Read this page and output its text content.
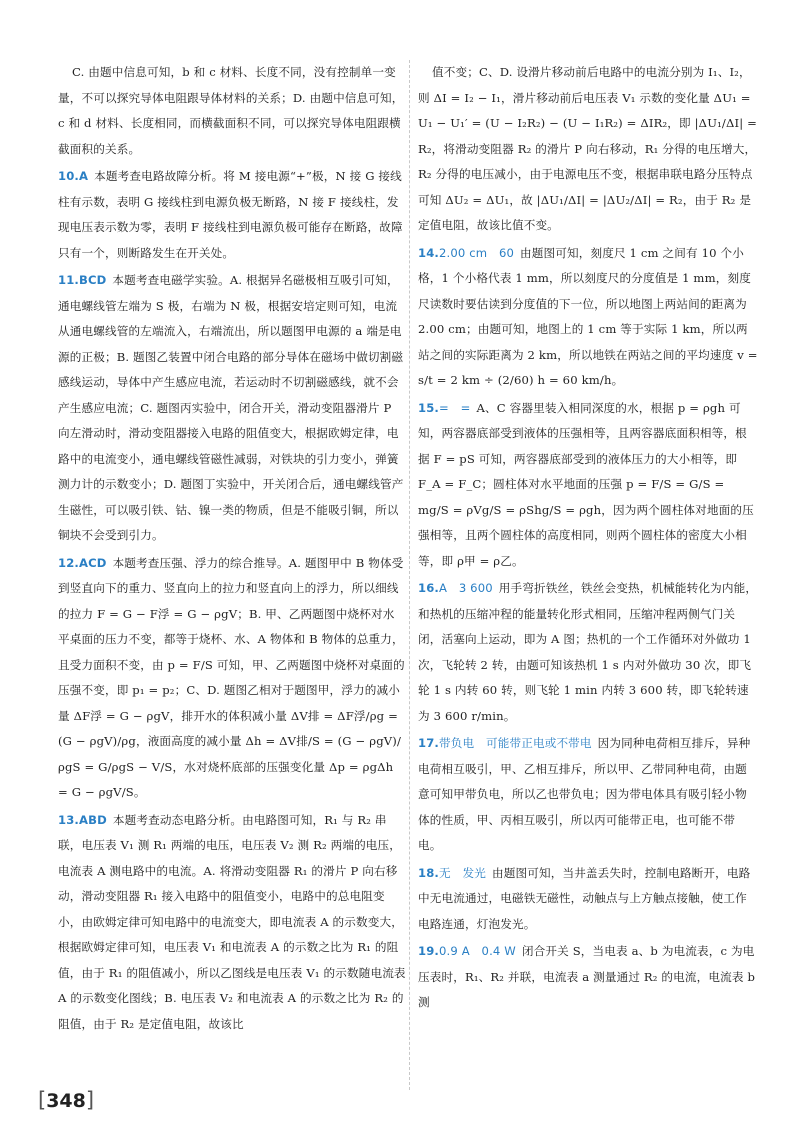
C. 由题中信息可知，b 和 c 材料、长度不同，没有控制单一变量，不可以探究导体电阻跟导体材料的关系；D. 由题中信息可知，c 和 d 材料、长度相同，而横截面积不同，可以探究导体电阻跟横截面积的关系。

10.A 本题考查电路故障分析。将 M 接电源“+”极，N 接 G 接线柱有示数，表明 G 接线柱到电源负极无断路，N 接 F 接线柱，发现电压表示数为零，表明 F 接线柱到电源负极可能存在断路，故障只有一个，则断路发生在开关处。

11.BCD 本题考查电磁学实验。A. 根据异名磁极相互吸引可知，通电螺线管左端为 S 极，右端为 N 极，根据安培定则可知，电流从通电螺线管的左端流入，右端流出，所以题图甲电源的 a 端是电源的正极；B. 题图乙装置中闭合电路的部分导体在磁场中做切割磁感线运动，导体中产生感应电流，若运动时不切割磁感线，就不会产生感应电流；C. 题图丙实验中，闭合开关，滑动变阻器滑片 P 向左滑动时，滑动变阻器接入电路的阻值变大，根据欧姆定律，电路中的电流变小，通电螺线管磁性减弱，对铁块的引力变小，弹簧测力计的示数变小；D. 题图丁实验中，开关闭合后，通电螺线管产生磁性，可以吸引铁、钴、镍一类的物质，但是不能吸引铜，所以铜块不会受到引力。

12.ACD 本题考查压强、浮力的综合推导。A. 题图甲中 B 物体受到竖直向下的重力、竖直向上的拉力和竖直向上的浮力，所以细线的拉力 F = G − F浮 = G − ρgV；B. 甲、乙两题图中烧杯对水平桌面的压力不变，都等于烧杯、水、A 物体和 B 物体的总重力，且受力面积不变，由 p = F/S 可知，甲、乙两题图中烧杯对桌面的压强不变，即 p₁ = p₂；C、D. 题图乙相对于题图甲，浮力的减小量 ΔF浮 = G − ρgV，排开水的体积减小量 ΔV排 = ΔF浮/ρg = (G − ρgV)/ρg，液面高度的减小量 Δh = ΔV排/S = (G − ρgV)/ρgS = G/ρgS − V/S，水对烧杯底部的压强变化量 Δp = ρgΔh = G − ρgV/S。

13.ABD 本题考查动态电路分析。由电路图可知，R₁ 与 R₂ 串联，电压表 V₁ 测 R₁ 两端的电压，电压表 V₂ 测 R₂ 两端的电压，电流表 A 测电路中的电流。A. 将滑动变阻器 R₁ 的滑片 P 向右移动，滑动变阻器 R₁ 接入电路中的阻值变小，电路中的总电阻变小，由欧姆定律可知电路中的电流变大，即电流表 A 的示数变大，根据欧姆定律可知，电压表 V₁ 和电流表 A 的示数之比为 R₁ 的阻值，由于 R₁ 的阻值减小，所以乙图线是电压表 V₁ 的示数随电流表 A 的示数变化图线；B. 电压表 V₂ 和电流表 A 的示数之比为 R₂ 的阻值，由于 R₂ 是定值电阻，故该比

值不变；C、D. 设滑片移动前后电路中的电流分别为 I₁、I₂，则 ΔI = I₂ − I₁，滑片移动前后电压表 V₁ 示数的变化量 ΔU₁ = U₁ − U₁′ = (U − I₂R₂) − (U − I₁R₂) = ΔIR₂，即 |ΔU₁/ΔI| = R₂，将滑动变阻器 R₂ 的滑片 P 向右移动，R₁ 分得的电压增大，R₂ 分得的电压减小，由于电源电压不变，根据串联电路分压特点可知 ΔU₂ = ΔU₁，故 |ΔU₁/ΔI| = |ΔU₂/ΔI| = R₂，由于 R₂ 是定值电阻，故该比值不变。

14.2.00 cm　60 由题图可知，刻度尺 1 cm 之间有 10 个小格，1 个小格代表 1 mm，所以刻度尺的分度值是 1 mm，刻度尺读数时要估读到分度值的下一位，所以地图上两站间的距离为 2.00 cm；由题可知，地图上的 1 cm 等于实际 1 km，所以两站之间的实际距离为 2 km，所以地铁在两站之间的平均速度 v = s/t = 2 km ÷ (2/60) h = 60 km/h。

15.=　= A、C 容器里装入相同深度的水，根据 p = ρgh 可知，两容器底部受到液体的压强相等，且两容器底面积相等，根据 F = pS 可知，两容器底部受到的液体压力的大小相等，即 F_A = F_C；圆柱体对水平地面的压强 p = F/S = G/S = mg/S = ρVg/S = ρShg/S = ρgh，因为两个圆柱体对地面的压强相等，且两个圆柱体的高度相同，则两个圆柱体的密度大小相等，即 ρ甲 = ρ乙。

16.A　3 600 用手弯折铁丝，铁丝会变热，机械能转化为内能，和热机的压缩冲程的能量转化形式相同，压缩冲程两侧气门关闭，活塞向上运动，即为 A 图；热机的一个工作循环对外做功 1 次，飞轮转 2 转，由题可知该热机 1 s 内对外做功 30 次，即飞轮 1 s 内转 60 转，则飞轮 1 min 内转 3 600 转，即飞轮转速为 3 600 r/min。

17.带负电　可能带正电或不带电 因为同种电荷相互排斥，异种电荷相互吸引，甲、乙相互排斥，所以甲、乙带同种电荷，由题意可知甲带负电，所以乙也带负电；因为带电体具有吸引轻小物体的性质，甲、丙相互吸引，所以丙可能带正电，也可能不带电。

18.无　发光 由题图可知，当井盖丢失时，控制电路断开，电路中无电流通过，电磁铁无磁性，动触点与上方触点接触，使工作电路连通，灯泡发光。

19.0.9 A　0.4 W 闭合开关 S，当电表 a、b 为电流表，c 为电压表时，R₁、R₂ 并联，电流表 a 测量通过 R₂ 的电流，电流表 b 测

[348]
